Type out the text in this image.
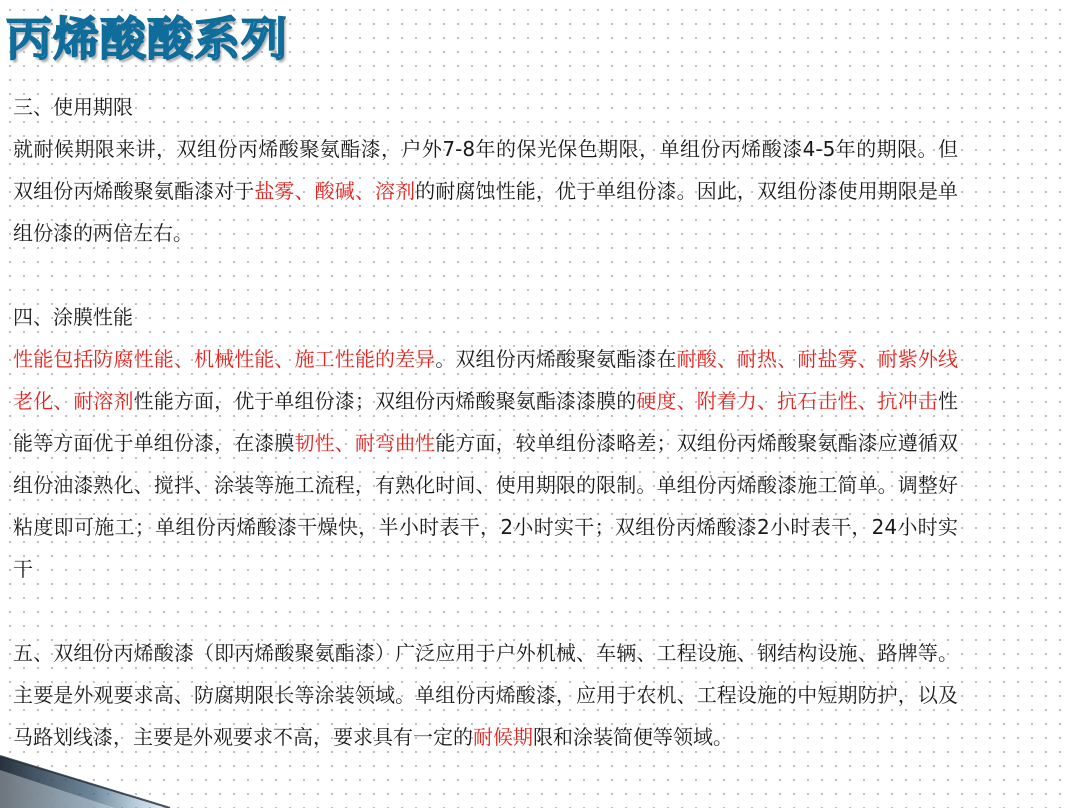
丙烯酸酸系列

三、使用期限

就耐候期限来讲，双组份丙烯酸聚氨酯漆，户外7-8年的保光保色期限，单组份丙烯酸漆4-5年的期限。但双组份丙烯酸聚氨酯漆对于盐雾、酸碱、溶剂的耐腐蚀性能，优于单组份漆。因此，双组份漆使用期限是单组份漆的两倍左右。

四、涂膜性能

性能包括防腐性能、机械性能、施工性能的差异。双组份丙烯酸聚氨酯漆在耐酸、耐热、耐盐雾、耐紫外线老化、耐溶剂性能方面，优于单组份漆；双组份丙烯酸聚氨酯漆漆膜的硬度、附着力、抗石击性、抗冲击性能等方面优于单组份漆，在漆膜韧性、耐弯曲性能方面，较单组份漆略差；双组份丙烯酸聚氨酯漆应遵循双组份油漆熟化、搅拌、涂装等施工流程，有熟化时间、使用期限的限制。单组份丙烯酸漆施工简单。调整好粘度即可施工；单组份丙烯酸漆干燥快，半小时表干，2小时实干；双组份丙烯酸漆2小时表干，24小时实干

五、双组份丙烯酸漆（即丙烯酸聚氨酯漆）广泛应用于户外机械、车辆、工程设施、钢结构设施、路牌等。主要是外观要求高、防腐期限长等涂装领域。单组份丙烯酸漆，应用于农机、工程设施的中短期防护，以及马路划线漆，主要是外观要求不高，要求具有一定的耐候期限和涂装简便等领域。
